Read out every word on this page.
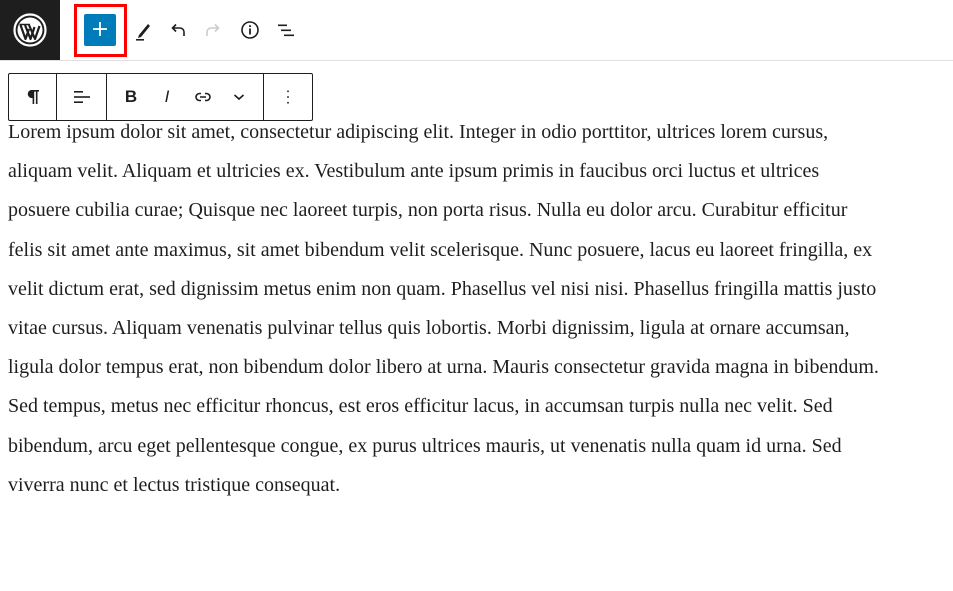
+
B I
Lorem ipsum dolor sit amet, consectetur adipiscing elit. Integer in odio porttitor, ultrices lorem cursus,
aliquam velit. Aliquam et ultricies ex. Vestibulum ante ipsum primis in faucibus orci luctus et ultrices
posuere cubilia curae; Quisque nec laoreet turpis, non porta risus. Nulla eu dolor arcu. Curabitur efficitur
felis sit amet ante maximus, sit amet bibendum velit scelerisque. Nunc posuere, lacus eu laoreet fringilla, ex
velit dictum erat, sed dignissim metus enim non quam. Phasellus vel nisi nisi. Phasellus fringilla mattis justo
vitae cursus. Aliquam venenatis pulvinar tellus quis lobortis. Morbi dignissim, ligula at ornare accumsan,
ligula dolor tempus erat, non bibendum dolor libero at urna. Mauris consectetur gravida magna in bibendum.
Sed tempus, metus nec efficitur rhoncus, est eros efficitur lacus, in accumsan turpis nulla nec velit. Sed
bibendum, arcu eget pellentesque congue, ex purus ultrices mauris, ut venenatis nulla quam id urna. Sed
viverra nunc et lectus tristique consequat.
